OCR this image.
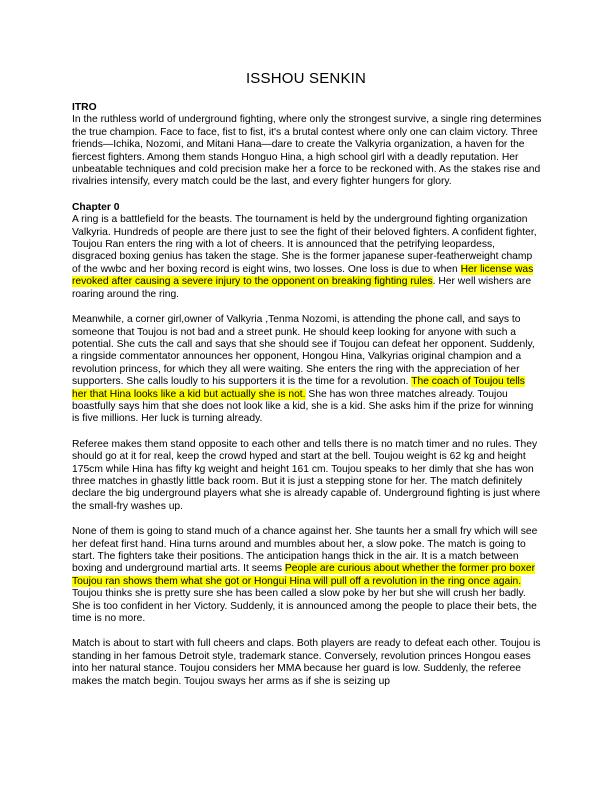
ISSHOU SENKIN

ITRO

In the ruthless world of underground fighting, where only the strongest survive, a single ring determines the true champion. Face to face, fist to fist, it's a brutal contest where only one can claim victory. Three friends—Ichika, Nozomi, and Mitani Hana—dare to create the Valkyria organization, a haven for the fiercest fighters. Among them stands Honguo Hina, a high school girl with a deadly reputation. Her unbeatable techniques and cold precision make her a force to be reckoned with. As the stakes rise and rivalries intensify, every match could be the last, and every fighter hungers for glory.

Chapter 0

A ring is a battlefield for the beasts. The tournament is held by the underground fighting organization Valkyria. Hundreds of people are there just to see the fight of their beloved fighters. A confident fighter, Toujou Ran enters the ring with a lot of cheers. It is announced that the petrifying leopardess, disgraced boxing genius has taken the stage. She is the former japanese super-featherweight champ of the wwbc and her boxing record is eight wins, two losses. One loss is due to when Her license was revoked after causing a severe injury to the opponent on breaking fighting rules. Her well wishers are roaring around the ring.

Meanwhile, a corner girl,owner of Valkyria ,Tenma Nozomi, is attending the phone call, and says to someone that Toujou is not bad and a street punk. He should keep looking for anyone with such a potential. She cuts the call and says that she should see if Toujou can defeat her opponent. Suddenly, a ringside commentator announces her opponent, Hongou Hina, Valkyrias original champion and a revolution princess, for which they all were waiting. She enters the ring with the appreciation of her supporters. She calls loudly to his supporters it is the time for a revolution. The coach of Toujou tells her that Hina looks like a kid but actually she is not. She has won three matches already. Toujou boastfully says him that she does not look like a kid, she is a kid. She asks him if the prize for winning is five millions. Her luck is turning already.

Referee makes them stand opposite to each other and tells there is no match timer and no rules. They should go at it for real, keep the crowd hyped and start at the bell. Toujou weight is 62 kg and height 175cm while Hina has fifty kg weight and height 161 cm. Toujou speaks to her dimly that she has won three matches in ghastly little back room. But it is just a stepping stone for her. The match definitely declare the big underground players what she is already capable of. Underground fighting is just where the small-fry washes up.

None of them is going to stand much of a chance against her. She taunts her a small fry which will see her defeat first hand. Hina turns around and mumbles about her, a slow poke. The match is going to start. The fighters take their positions. The anticipation hangs thick in the air. It is a match between boxing and underground martial arts. It seems People are curious about whether the former pro boxer Toujou ran shows them what she got or Hongui Hina will pull off a revolution in the ring once again. Toujou thinks she is pretty sure she has been called a slow poke by her but she will crush her badly. She is too confident in her Victory. Suddenly, it is announced among the people to place their bets, the time is no more.

Match is about to start with full cheers and claps. Both players are ready to defeat each other. Toujou is standing in her famous Detroit style, trademark stance. Conversely, revolution princes Hongou eases into her natural stance. Toujou considers her MMA because her guard is low. Suddenly, the referee makes the match begin. Toujou sways her arms as if she is seizing up
